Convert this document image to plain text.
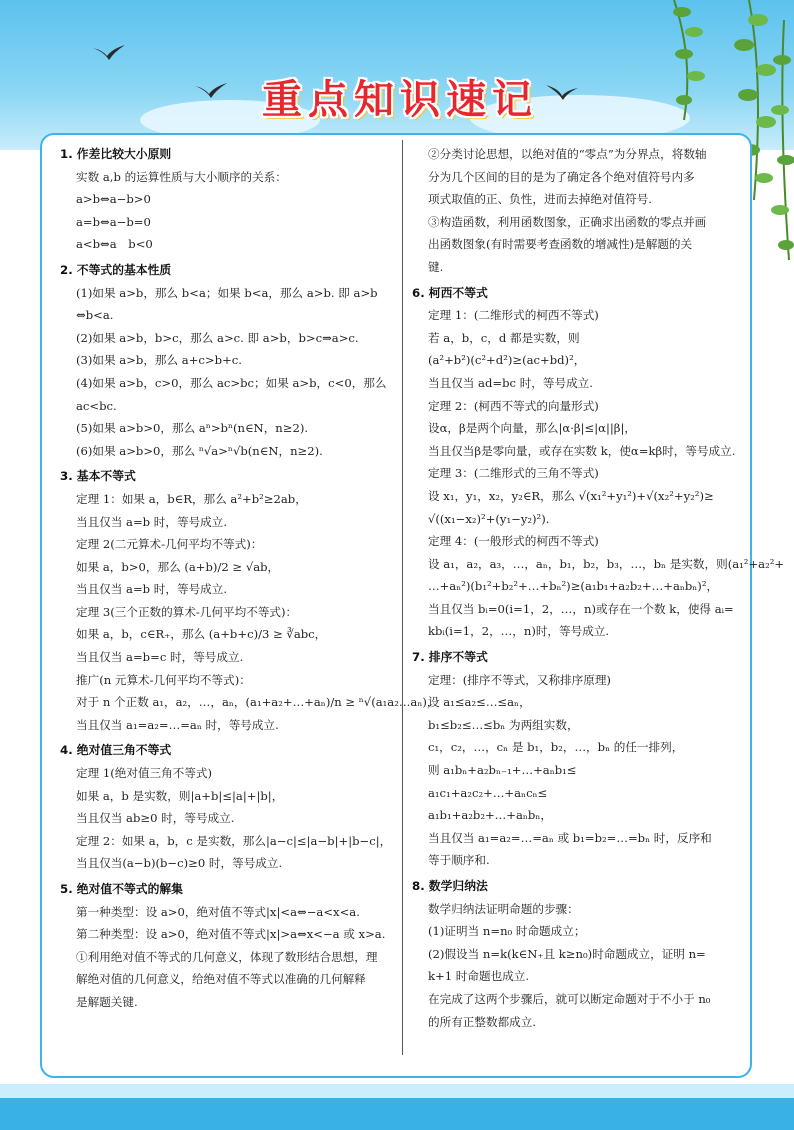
重点知识速记
1. 作差比较大小原则
实数 a,b 的运算性质与大小顺序的关系：
a>b⇔a−b>0
a=b⇔a−b=0
a<b⇔a　b<0
2. 不等式的基本性质
(1)如果 a>b，那么 b<a；如果 b<a，那么 a>b. 即 a>b
⇔b<a.
(2)如果 a>b，b>c，那么 a>c. 即 a>b，b>c⇒a>c.
(3)如果 a>b，那么 a+c>b+c.
(4)如果 a>b，c>0，那么 ac>bc；如果 a>b，c<0，那么
ac<bc.
(5)如果 a>b>0，那么 aⁿ>bⁿ(n∈N，n≥2).
(6)如果 a>b>0，那么 ⁿ√a>ⁿ√b(n∈N，n≥2).
3. 基本不等式
定理 1：如果 a，b∈R，那么 a²+b²≥2ab，
当且仅当 a=b 时，等号成立.
定理 2(二元算术-几何平均不等式)：
如果 a，b>0，那么 (a+b)/2 ≥ √ab，
当且仅当 a=b 时，等号成立.
定理 3(三个正数的算术-几何平均不等式)：
如果 a，b，c∈R₊，那么 (a+b+c)/3 ≥ ∛abc，
当且仅当 a=b=c 时，等号成立.
推广(n 元算术-几何平均不等式)：
对于 n 个正数 a₁，a₂，…，aₙ，(a₁+a₂+…+aₙ)/n ≥ ⁿ√(a₁a₂…aₙ)，
当且仅当 a₁=a₂=…=aₙ 时，等号成立.
4. 绝对值三角不等式
定理 1(绝对值三角不等式)
如果 a，b 是实数，则|a+b|≤|a|+|b|，
当且仅当 ab≥0 时，等号成立.
定理 2：如果 a，b，c 是实数，那么|a−c|≤|a−b|+|b−c|，
当且仅当(a−b)(b−c)≥0 时，等号成立.
5. 绝对值不等式的解集
第一种类型：设 a>0，绝对值不等式|x|<a⇔−a<x<a.
第二种类型：设 a>0，绝对值不等式|x|>a⇔x<−a 或 x>a.
①利用绝对值不等式的几何意义，体现了数形结合思想，理
解绝对值的几何意义，给绝对值不等式以准确的几何解释
是解题关键.
②分类讨论思想，以绝对值的“零点”为分界点，将数轴
分为几个区间的目的是为了确定各个绝对值符号内多
项式取值的正、负性，进而去掉绝对值符号.
③构造函数，利用函数图象，正确求出函数的零点并画
出函数图象(有时需要考查函数的增减性)是解题的关
键.
6. 柯西不等式
定理 1：(二维形式的柯西不等式)
若 a，b，c，d 都是实数，则
(a²+b²)(c²+d²)≥(ac+bd)²，
当且仅当 ad=bc 时，等号成立.
定理 2：(柯西不等式的向量形式)
设α，β是两个向量，那么|α·β|≤|α||β|，
当且仅当β是零向量，或存在实数 k，使α=kβ时，等号成立.
定理 3：(二维形式的三角不等式)
设 x₁，y₁，x₂，y₂∈R，那么 √(x₁²+y₁²)+√(x₂²+y₂²)≥
√((x₁−x₂)²+(y₁−y₂)²).
定理 4：(一般形式的柯西不等式)
设 a₁，a₂，a₃，…，aₙ，b₁，b₂，b₃，…，bₙ 是实数，则(a₁²+a₂²+
…+aₙ²)(b₁²+b₂²+…+bₙ²)≥(a₁b₁+a₂b₂+…+aₙbₙ)²，
当且仅当 bᵢ=0(i=1，2，…，n)或存在一个数 k，使得 aᵢ=
kbᵢ(i=1，2，…，n)时，等号成立.
7. 排序不等式
定理：(排序不等式，又称排序原理)
设 a₁≤a₂≤…≤aₙ，
b₁≤b₂≤…≤bₙ 为两组实数，
c₁，c₂，…，cₙ 是 b₁，b₂，…，bₙ 的任一排列，
则 a₁bₙ+a₂bₙ₋₁+…+aₙb₁≤
a₁c₁+a₂c₂+…+aₙcₙ≤
a₁b₁+a₂b₂+…+aₙbₙ，
当且仅当 a₁=a₂=…=aₙ 或 b₁=b₂=…=bₙ 时，反序和
等于顺序和.
8. 数学归纳法
数学归纳法证明命题的步骤：
(1)证明当 n=n₀ 时命题成立；
(2)假设当 n=k(k∈N₊且 k≥n₀)时命题成立，证明 n=
k+1 时命题也成立.
在完成了这两个步骤后，就可以断定命题对于不小于 n₀
的所有正整数都成立.
